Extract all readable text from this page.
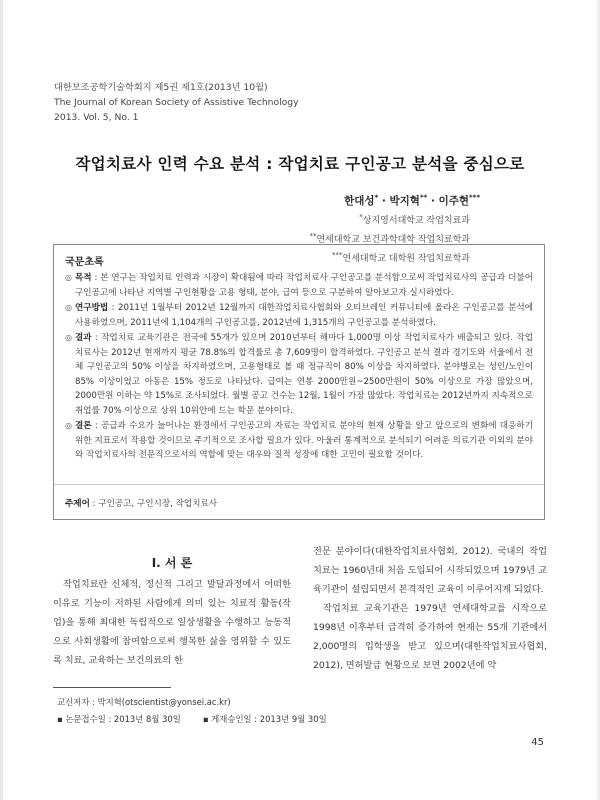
대한보조공학기술학회지 제5권 제1호(2013년 10월)
The Journal of Korean Society of Assistive Technology
2013. Vol. 5, No. 1
작업치료사 인력 수요 분석 : 작업치료 구인공고 분석을 중심으로
한대성* · 박지혁** · 이주현***
*상지영서대학교 작업치료과
**연세대학교 보건과학대학 작업치료학과
***연세대학교 대학원 작업치료학과
국문초록
◎ 목적 : 본 연구는 작업치료 인력과 시장이 확대됨에 따라 작업치료사 구인공고를 분석함으로써 작업치료사의 공급과 더불어 구인공고에 나타난 지역별 구인현황을 고용 형태, 분야, 급여 등으로 구분하여 알아보고자 실시하였다.
◎ 연구방법 : 2011년 1월부터 2012년 12월까지 대한작업치료사협회와 오티브레인 커뮤니티에 올라온 구인공고를 분석에 사용하였으며, 2011년에 1,104개의 구인공고를, 2012년에 1,315개의 구인공고를 분석하였다.
◎ 결과 : 작업치료 교육기관은 전국에 55개가 있으며 2010년부터 해마다 1,000명 이상 작업치료사가 배출되고 있다. 작업치료사는 2012년 현재까지 평균 78.8%의 합격률로 총 7,609명이 합격하였다. 구인공고 분석 결과 경기도와 서울에서 전체 구인공고의 50% 이상을 차지하였으며, 고용형태로 볼 때 정규직이 80% 이상을 차지하였다. 분야별로는 성인/노인이 85% 이상이었고 아동은 15% 정도로 나타났다. 급여는 연봉 2000만원~2500만원이 50% 이상으로 가장 많았으며, 2000만원 이하는 약 15%로 조사되었다. 월별 공고 건수는 12월, 1월이 가장 많았다. 작업치료는 2012년까지 지속적으로 취업률 70% 이상으로 상위 10위안에 드는 학문 분야이다.
◎ 결론 : 공급과 수요가 늘어나는 환경에서 구인공고의 자료는 작업치료 분야의 현재 상황을 알고 앞으로의 변화에 대응하기 위한 지표로서 작용할 것이므로 주기적으로 조사할 필요가 있다. 아울러 통계적으로 분석되기 어려운 의료기관 이외의 분야와 작업치료사의 전문직으로서의 역할에 맞는 대우와 질적 성장에 대한 고민이 필요할 것이다.
주제어 : 구인공고, 구인시장, 작업치료사
Ⅰ. 서 론
작업치료란 신체적, 정신적 그리고 발달과정에서 어떠한 이유로 기능이 저하된 사람에게 의미 있는 치료적 활동(작업)을 통해 최대한 독립적으로 일상생활을 수행하고 능동적으로 사회생활에 참여함으로써 행복한 삶을 영위할 수 있도록 치료, 교육하는 보건의료의 한

전문 분야이다(대한작업치료사협회, 2012). 국내의 작업치료는 1960년대 처음 도입되어 시작되었으며 1979년 교육기관이 설립되면서 본격적인 교육이 이루어지게 되었다.

작업치료 교육기관은 1979년 연세대학교를 시작으로 1998년 이후부터 급격히 증가하여 현재는 55개 기관에서 2,000명의 입학생을 받고 있으며(대한작업치료사협회, 2012), 면허발급 현황으로 보면 2002년에 약

교신저자 : 박지혁(otscientist@yonsei.ac.kr)
▪ 논문접수일 : 2013년 8월 30일	▪ 게재승인일 : 2013년 9월 30일
45
